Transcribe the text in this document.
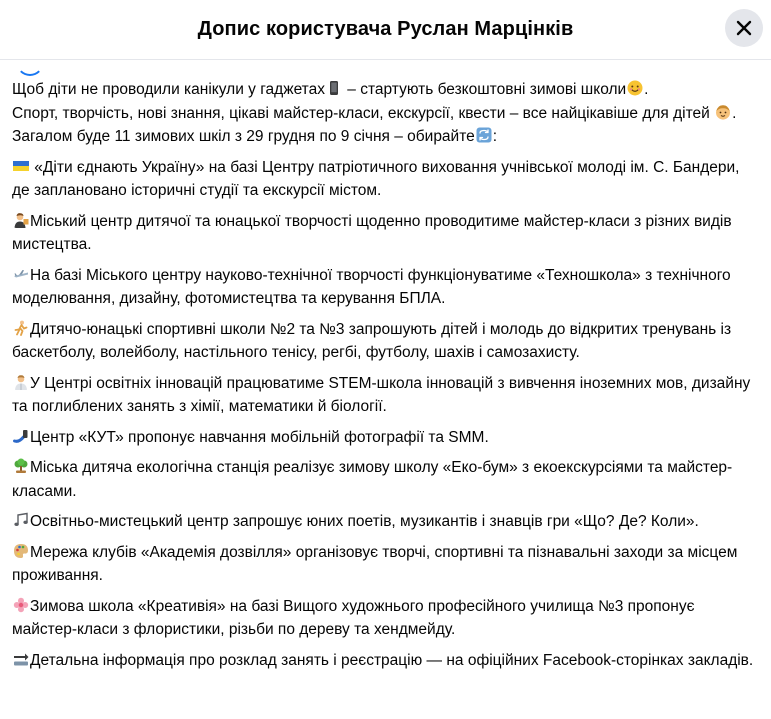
Допис користувача Руслан Марцінків

Щоб діти не проводили канікули у гаджетах – стартують безкоштовні зимові школи .

Спорт, творчість, нові знання, цікаві майстер-класи, екскурсії, квести – все найцікавіше для дітей .

Загалом буде 11 зимових шкіл з 29 грудня по 9 січня – обирайте :

«Діти єднають Україну» на базі Центру патріотичного виховання учнівської молоді ім. С. Бандери, де заплановано історичні студії та екскурсії містом.

Міський центр дитячої та юнацької творчості щоденно проводитиме майстер-класи з різних видів мистецтва.

На базі Міського центру науково-технічної творчості функціонуватиме «Техношкола» з технічного моделювання, дизайну, фотомистецтва та керування БПЛА.

Дитячо-юнацькі спортивні школи №2 та №3 запрошують дітей і молодь до відкритих тренувань із баскетболу, волейболу, настільного тенісу, регбі, футболу, шахів і самозахисту.

У Центрі освітніх інновацій працюватиме STEM-школа інновацій з вивчення іноземних мов, дизайну та поглиблених занять з хімії, математики й біології.

Центр «КУТ» пропонує навчання мобільній фотографії та SMM.

Міська дитяча екологічна станція реалізує зимову школу «Еко-бум» з екоекскурсіями та майстер-класами.

Освітньо-мистецький центр запрошує юних поетів, музикантів і знавців гри «Що? Де? Коли».

Мережа клубів «Академія дозвілля» організовує творчі, спортивні та пізнавальні заходи за місцем проживання.

Зимова школа «Креативія» на базі Вищого художнього професійного училища №3 пропонує майстер-класи з флористики, різьби по дереву та хендмейду.

Детальна інформація про розклад занять і реєстрацію — на офіційних Facebook-сторінках закладів.
